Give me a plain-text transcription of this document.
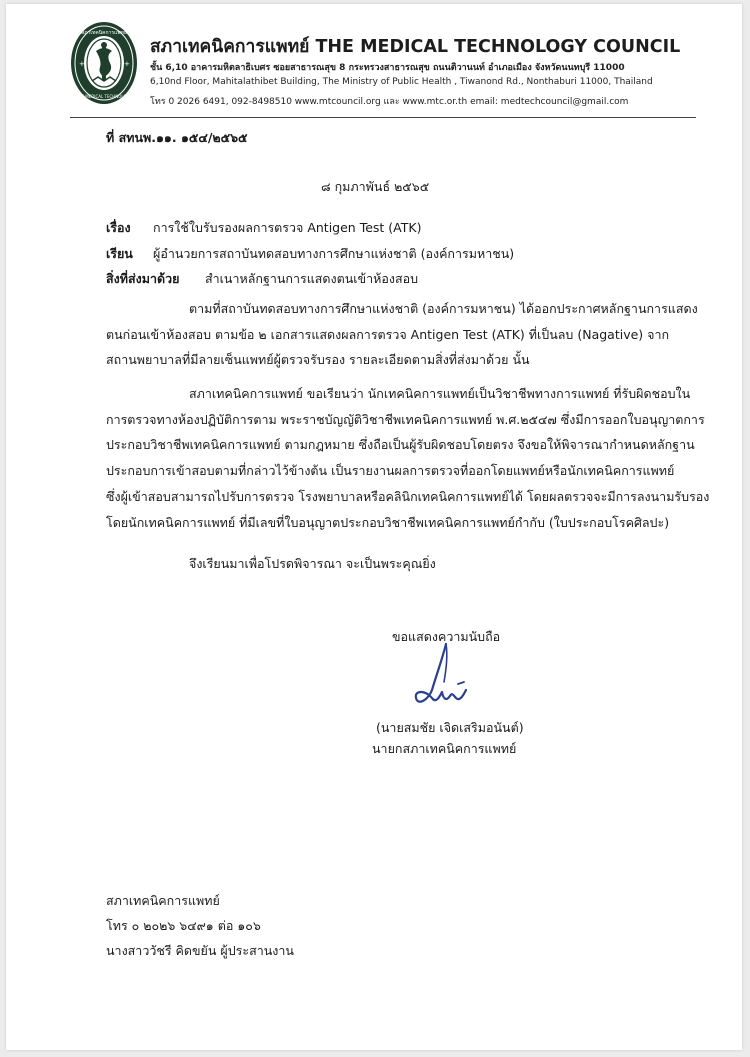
สภาเทคนิคการแพทย์
THE MEDICAL TECHNOLOGY
+	+
สภาเทคนิคการแพทย์ THE MEDICAL TECHNOLOGY COUNCIL
ชั้น 6,10 อาคารมหิตลาธิเบศร ซอยสาธารณสุข 8 กระทรวงสาธารณสุข ถนนติวานนท์ อำเภอเมือง จังหวัดนนทบุรี 11000
6,10nd Floor, Mahitalathibet Building, The Ministry of Public Health , Tiwanond Rd., Nonthaburi 11000, Thailand
โทร 0 2026 6491, 092-8498510 www.mtcouncil.org และ www.mtc.or.th email: medtechcouncil@gmail.com
ที่ สทนพ.๑๑. ๑๕๔/๒๕๖๕
๘ กุมภาพันธ์ ๒๕๖๕
เรื่อง การใช้ใบรับรองผลการตรวจ Antigen Test (ATK)
เรียน ผู้อำนวยการสถาบันทดสอบทางการศึกษาแห่งชาติ (องค์การมหาชน)
สิ่งที่ส่งมาด้วย สำเนาหลักฐานการแสดงตนเข้าห้องสอบ
ตามที่สถาบันทดสอบทางการศึกษาแห่งชาติ (องค์การมหาชน) ได้ออกประกาศหลักฐานการแสดง
ตนก่อนเข้าห้องสอบ ตามข้อ ๒ เอกสารแสดงผลการตรวจ Antigen Test (ATK) ที่เป็นลบ (Nagative) จาก
สถานพยาบาลที่มีลายเซ็นแพทย์ผู้ตรวจรับรอง รายละเอียดตามสิ่งที่ส่งมาด้วย นั้น
สภาเทคนิคการแพทย์ ขอเรียนว่า นักเทคนิคการแพทย์เป็นวิชาชีพทางการแพทย์ ที่รับผิดชอบใน
การตรวจทางห้องปฏิบัติการตาม พระราชบัญญัติวิชาชีพเทคนิคการแพทย์ พ.ศ.๒๕๔๗ ซึ่งมีการออกใบอนุญาตการ
ประกอบวิชาชีพเทคนิคการแพทย์ ตามกฎหมาย ซึ่งถือเป็นผู้รับผิดชอบโดยตรง จึงขอให้พิจารณากำหนดหลักฐาน
ประกอบการเข้าสอบตามที่กล่าวไว้ข้างต้น เป็นรายงานผลการตรวจที่ออกโดยแพทย์หรือนักเทคนิคการแพทย์
ซึ่งผู้เข้าสอบสามารถไปรับการตรวจ โรงพยาบาลหรือคลินิกเทคนิคการแพทย์ได้ โดยผลตรวจจะมีการลงนามรับรอง
โดยนักเทคนิคการแพทย์ ที่มีเลขที่ใบอนุญาตประกอบวิชาชีพเทคนิคการแพทย์กำกับ (ใบประกอบโรคศิลปะ)
จึงเรียนมาเพื่อโปรดพิจารณา จะเป็นพระคุณยิ่ง
ขอแสดงความนับถือ
(นายสมชัย เจิดเสริมอนันต์)
นายกสภาเทคนิคการแพทย์
สภาเทคนิคการแพทย์
โทร ๐ ๒๐๒๖ ๖๔๙๑ ต่อ ๑๐๖
นางสาววัชรี คิดขยัน ผู้ประสานงาน
